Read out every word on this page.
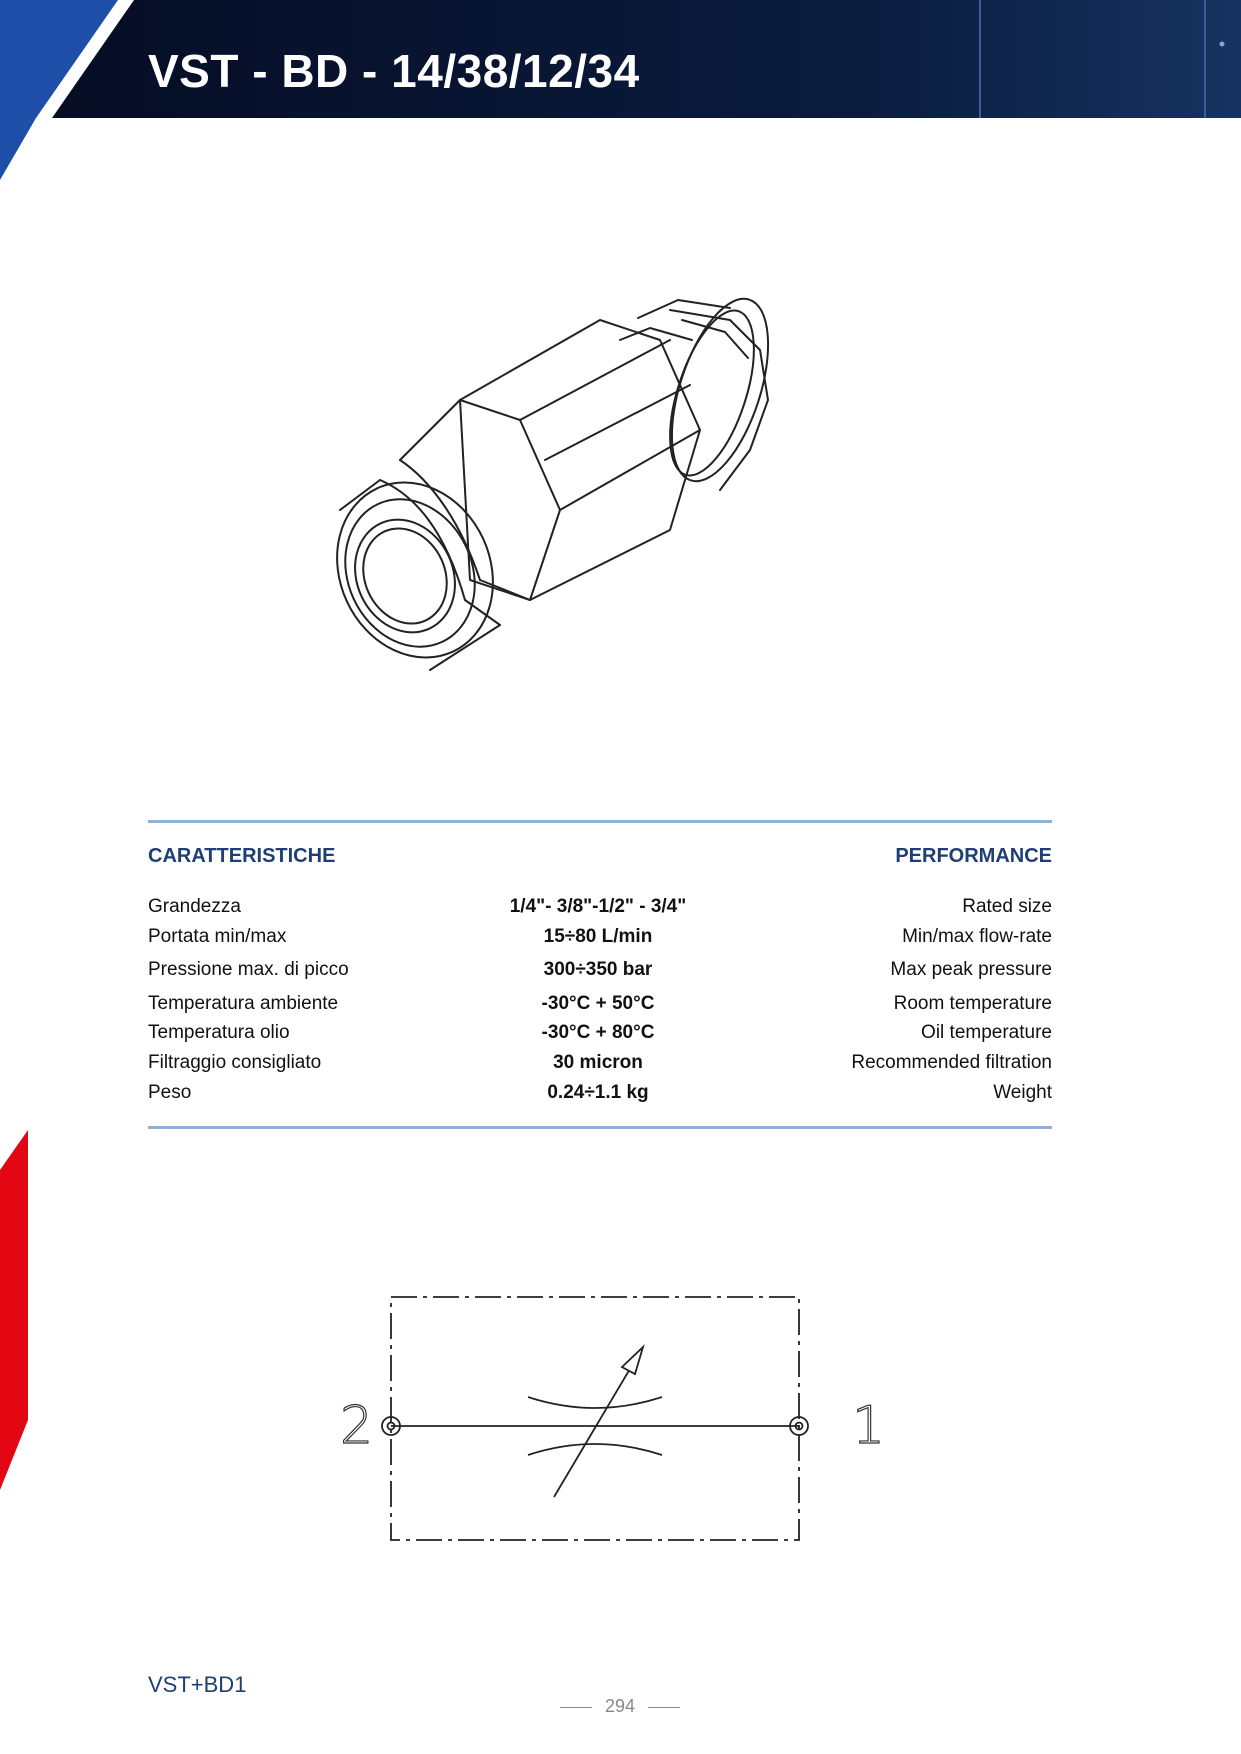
VST - BD - 14/38/12/34
CARATTERISTICHE	PERFORMANCE
Grandezza	1/4"- 3/8"-1/2" - 3/4"	Rated size
Portata min/max	15÷80 L/min	Min/max flow-rate
Pressione max. di picco	300÷350 bar	Max peak pressure
Temperatura ambiente	-30°C + 50°C	Room temperature
Temperatura olio	-30°C + 80°C	Oil temperature
Filtraggio consigliato	30 micron	Recommended filtration
Peso	0.24÷1.1 kg	Weight
2	1
VST+BD1
294
